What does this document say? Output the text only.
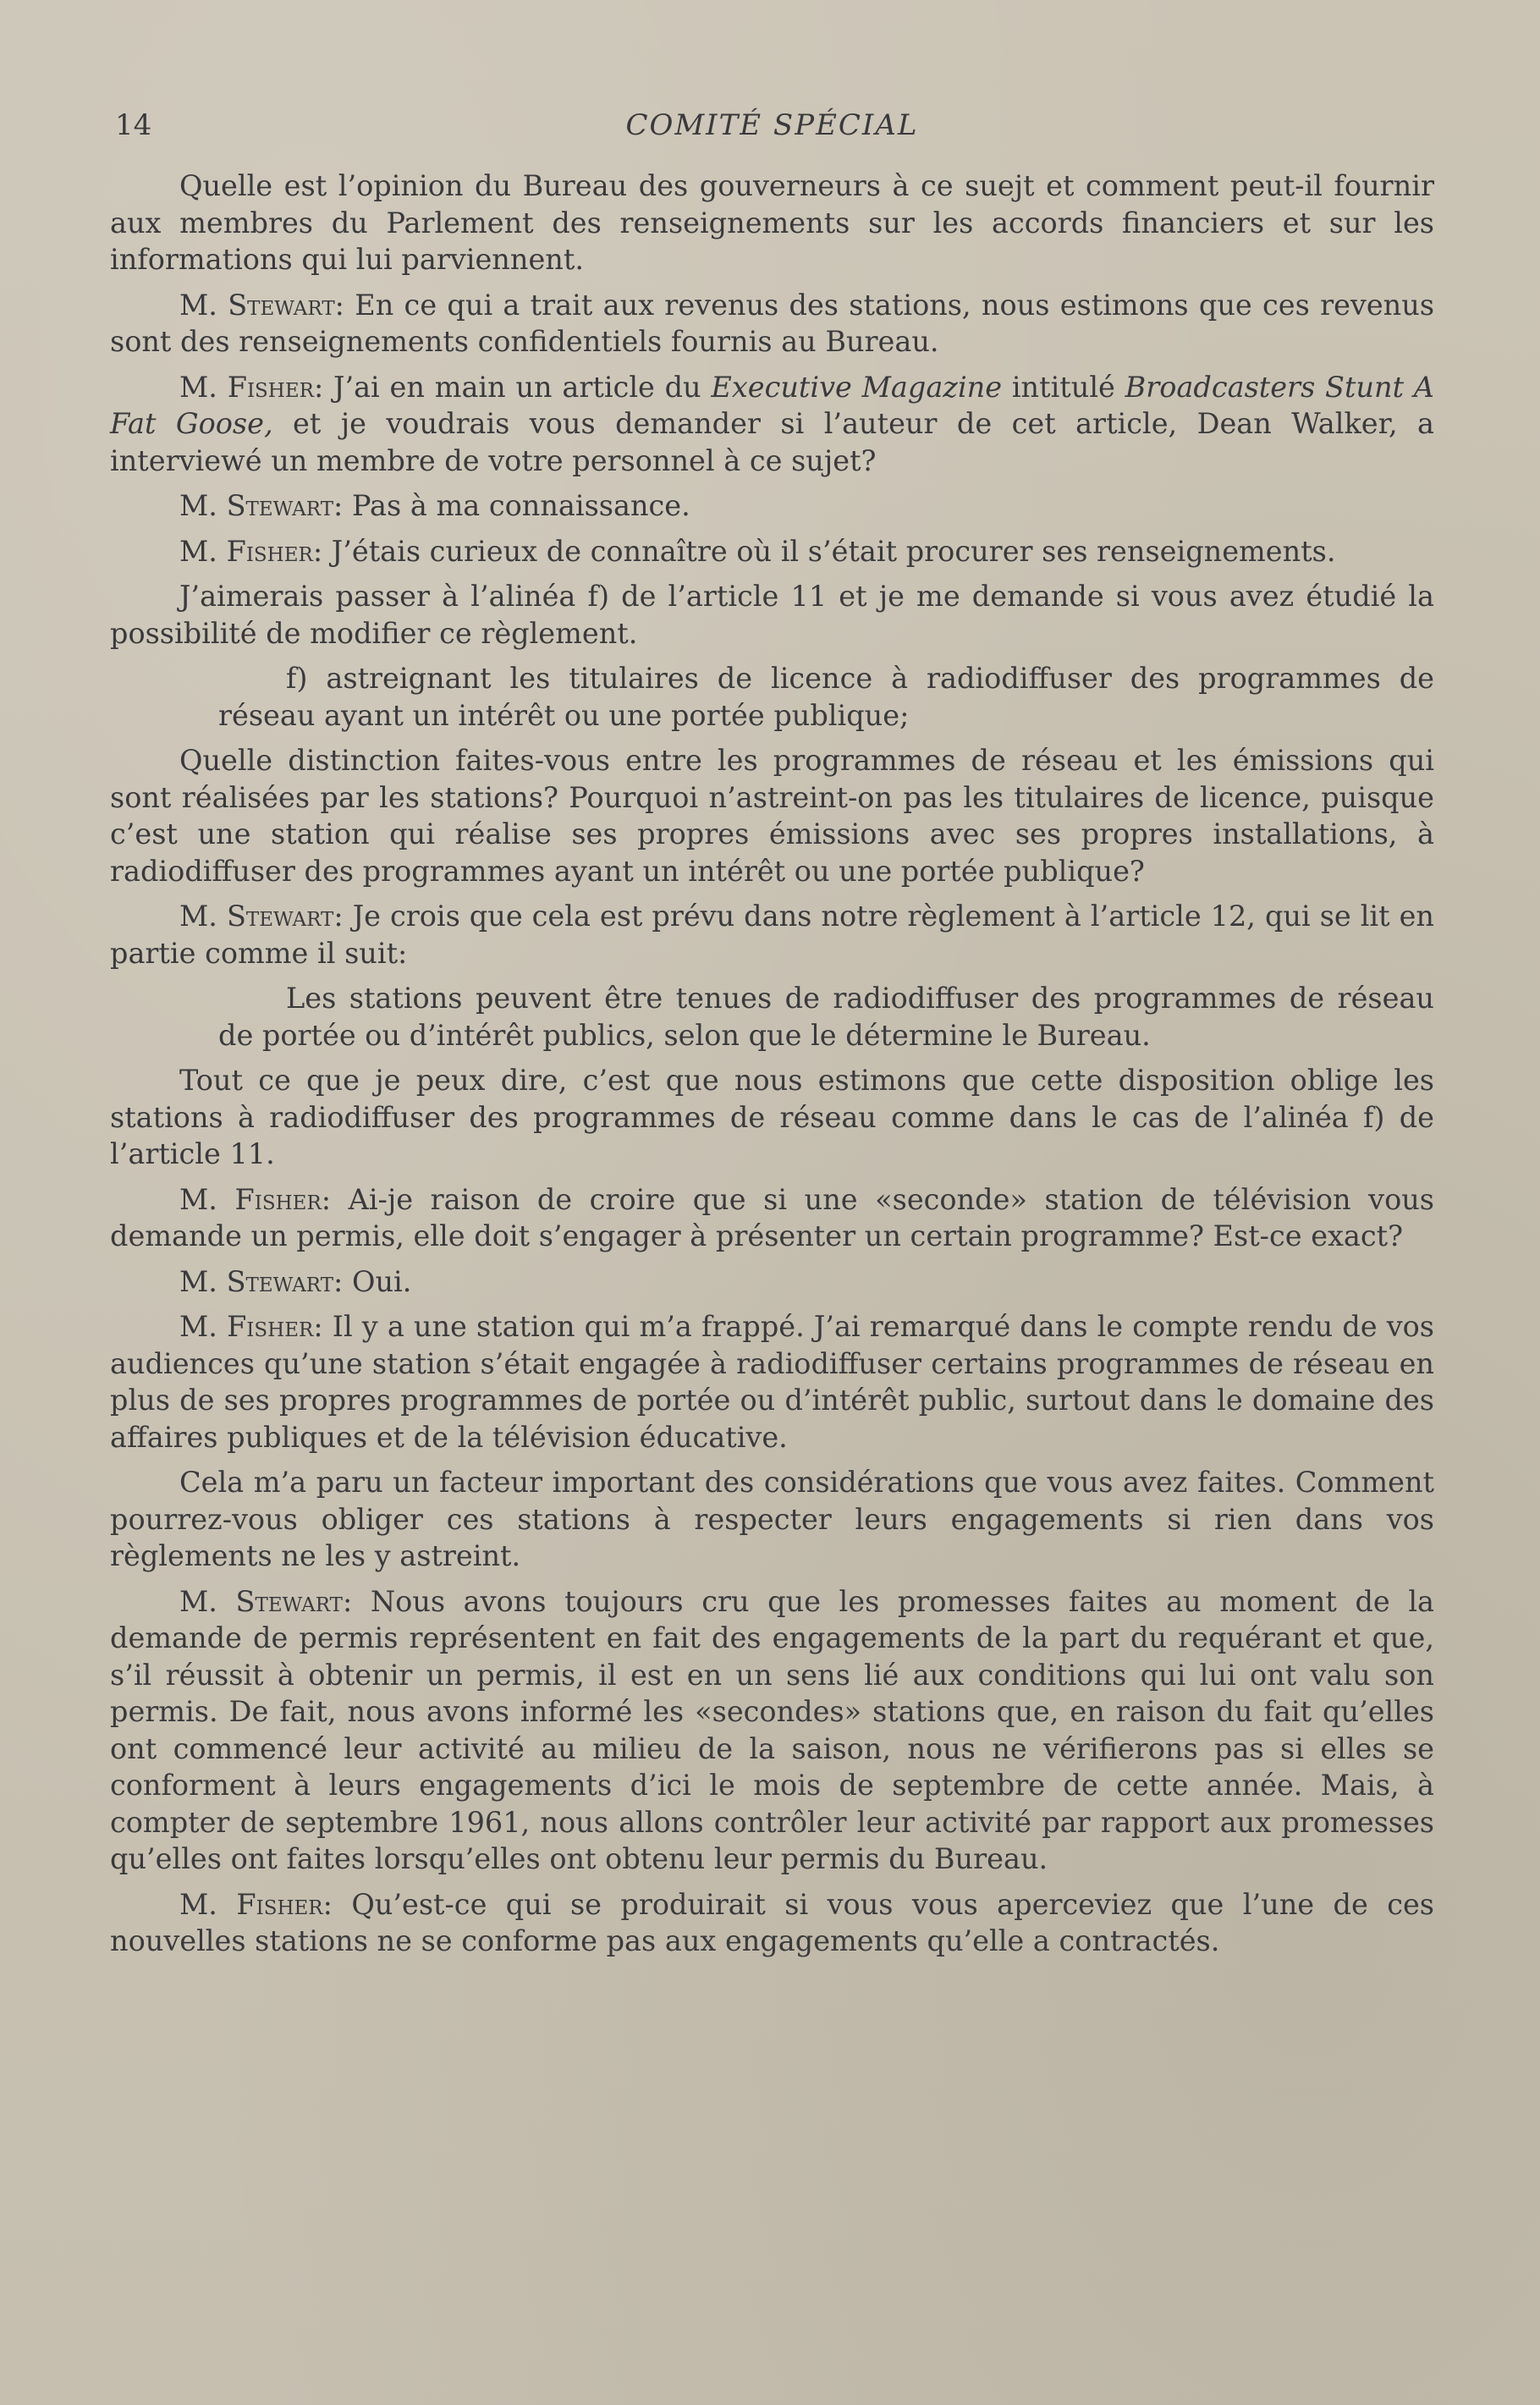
14	COMITÉ SPÉCIAL

Quelle est l’opinion du Bureau des gouverneurs à ce suejt et comment peut-il fournir aux membres du Parlement des renseignements sur les accords financiers et sur les informations qui lui parviennent.

M. Stewart: En ce qui a trait aux revenus des stations, nous estimons que ces revenus sont des renseignements confidentiels fournis au Bureau.

M. Fisher: J’ai en main un article du Executive Magazine intitulé Broadcasters Stunt A Fat Goose, et je voudrais vous demander si l’auteur de cet article, Dean Walker, a interviewé un membre de votre personnel à ce sujet?

M. Stewart: Pas à ma connaissance.

M. Fisher: J’étais curieux de connaître où il s’était procurer ses renseignements.

J’aimerais passer à l’alinéa f) de l’article 11 et je me demande si vous avez étudié la possibilité de modifier ce règlement.

f) astreignant les titulaires de licence à radiodiffuser des programmes de réseau ayant un intérêt ou une portée publique;

Quelle distinction faites-vous entre les programmes de réseau et les émissions qui sont réalisées par les stations? Pourquoi n’astreint-on pas les titulaires de licence, puisque c’est une station qui réalise ses propres émissions avec ses propres installations, à radiodiffuser des programmes ayant un intérêt ou une portée publique?

M. Stewart: Je crois que cela est prévu dans notre règlement à l’article 12, qui se lit en partie comme il suit:

Les stations peuvent être tenues de radiodiffuser des programmes de réseau de portée ou d’intérêt publics, selon que le détermine le Bureau.

Tout ce que je peux dire, c’est que nous estimons que cette disposition oblige les stations à radiodiffuser des programmes de réseau comme dans le cas de l’alinéa f) de l’article 11.

M. Fisher: Ai-je raison de croire que si une «seconde» station de télévision vous demande un permis, elle doit s’engager à présenter un certain programme? Est-ce exact?

M. Stewart: Oui.

M. Fisher: Il y a une station qui m’a frappé. J’ai remarqué dans le compte rendu de vos audiences qu’une station s’était engagée à radiodiffuser certains programmes de réseau en plus de ses propres programmes de portée ou d’intérêt public, surtout dans le domaine des affaires publiques et de la télévision éducative.

Cela m’a paru un facteur important des considérations que vous avez faites. Comment pourrez-vous obliger ces stations à respecter leurs engagements si rien dans vos règlements ne les y astreint.

M. Stewart: Nous avons toujours cru que les promesses faites au moment de la demande de permis représentent en fait des engagements de la part du requérant et que, s’il réussit à obtenir un permis, il est en un sens lié aux conditions qui lui ont valu son permis. De fait, nous avons informé les «secondes» stations que, en raison du fait qu’elles ont commencé leur activité au milieu de la saison, nous ne vérifierons pas si elles se conforment à leurs engagements d’ici le mois de septembre de cette année. Mais, à compter de septembre 1961, nous allons contrôler leur activité par rapport aux promesses qu’elles ont faites lorsqu’elles ont obtenu leur permis du Bureau.

M. Fisher: Qu’est-ce qui se produirait si vous vous aperceviez que l’une de ces nouvelles stations ne se conforme pas aux engagements qu’elle a contractés.
